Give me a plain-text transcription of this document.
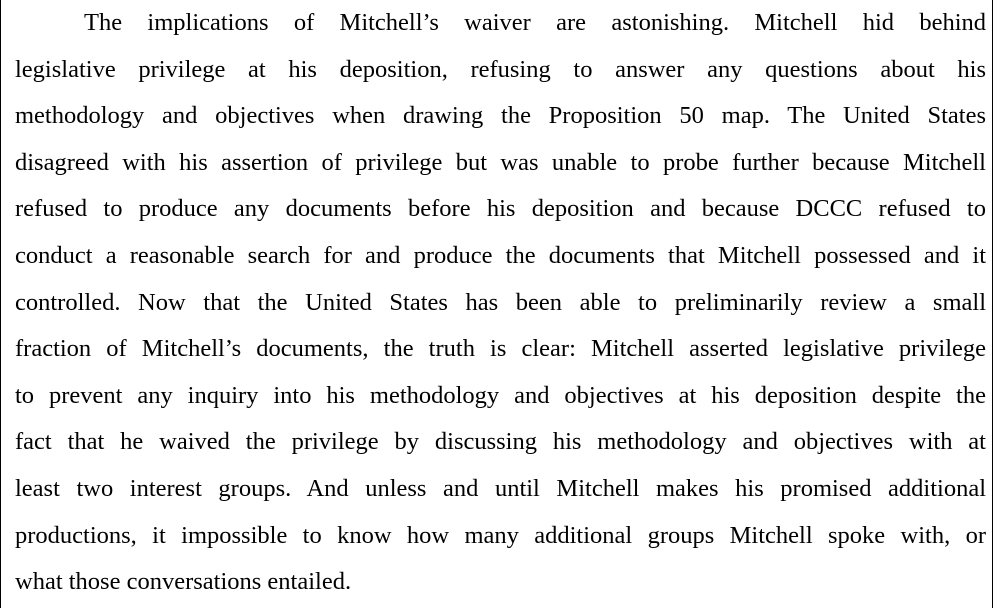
The implications of Mitchell’s waiver are astonishing. Mitchell hid behind
legislative privilege at his deposition, refusing to answer any questions about his
methodology and objectives when drawing the Proposition 50 map. The United States
disagreed with his assertion of privilege but was unable to probe further because Mitchell
refused to produce any documents before his deposition and because DCCC refused to
conduct a reasonable search for and produce the documents that Mitchell possessed and it
controlled. Now that the United States has been able to preliminarily review a small
fraction of Mitchell’s documents, the truth is clear: Mitchell asserted legislative privilege
to prevent any inquiry into his methodology and objectives at his deposition despite the
fact that he waived the privilege by discussing his methodology and objectives with at
least two interest groups. And unless and until Mitchell makes his promised additional
productions, it impossible to know how many additional groups Mitchell spoke with, or
what those conversations entailed.
